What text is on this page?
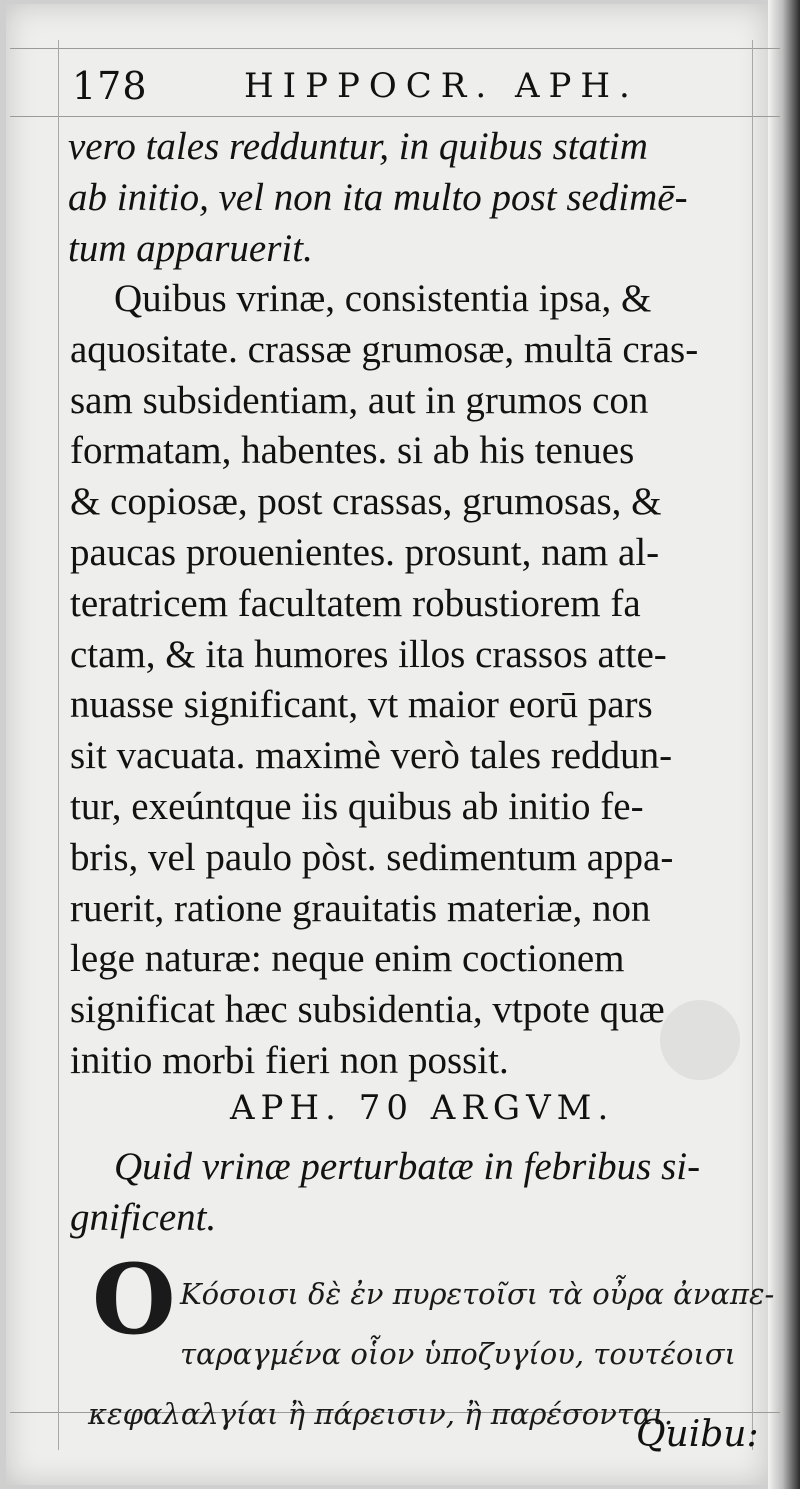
178	HIPPOCR. APH.
vero tales redduntur, in quibus statim
ab initio, vel non ita multo post sedimē-
tum apparuerit.
Quibus vrinæ, consistentia ipsa, &
aquositate. crassæ grumosæ, multā cras-
sam subsidentiam, aut in grumos con
formatam, habentes. si ab his tenues
& copiosæ, post crassas, grumosas, &
paucas prouenientes. prosunt, nam al-
teratricem facultatem robustiorem fa
ctam, & ita humores illos crassos atte-
nuasse significant, vt maior eorū pars
sit vacuata. maximè verò tales reddun-
tur, exeúntque iis quibus ab initio fe-
bris, vel paulo pòst. sedimentum appa-
ruerit, ratione grauitatis materiæ, non
lege naturæ: neque enim coctionem
significat hæc subsidentia, vtpote quæ
initio morbi fieri non possit.
APH. 70 ARGVM.
Quid vrinæ perturbatæ in febribus si-
gnificent.
O Κόσοισι δὲ ἐν πυρετοῖσι τὰ οὖρα ἀναπε-
ταραγμένα οἷον ὑποζυγίου, τουτέοισι
κεφαλαλγίαι ἢ πάρεισιν, ἢ παρέσονται.
Quibu:
